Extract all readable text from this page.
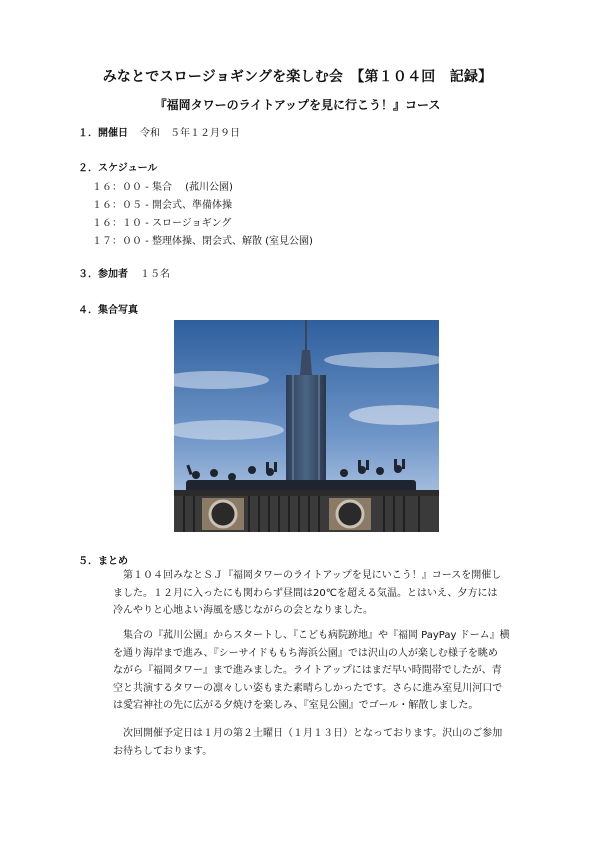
みなとでスロージョギングを楽しむ会　【第１０４回　記録】
『福岡タワーのライトアップを見に行こう！』コース
１．開催日 令和　５年１２月９日
２．スケジュール
１６：００ - 集合　 (菰川公園)
１６：０５ - 開会式、準備体操
１６：１０ - スロージョギング
１７：００ - 整理体操、閉会式、解散 (室見公園)
３．参加者 １５名
４．集合写真
５．まとめ
　第１０４回みなとＳＪ『福岡タワーのライトアップを見にいこう！』コースを開催し
ました。１２月に入ったにも関わらず昼間は20℃を超える気温。とはいえ、夕方には
冷んやりと心地よい海風を感じながらの会となりました。
　集合の『菰川公園』からスタートし、『こども病院跡地』や『福岡 PayPay ドーム』横
を通り海岸まで進み、『シーサイドももち海浜公園』では沢山の人が楽しむ様子を眺め
ながら『福岡タワー』まで進みました。ライトアップにはまだ早い時間帯でしたが、青
空と共演するタワーの凛々しい姿もまた素晴らしかったです。さらに進み室見川河口で
は愛宕神社の先に広がる夕焼けを楽しみ、『室見公園』でゴール・解散しました。
　次回開催予定日は１月の第２土曜日（１月１３日）となっております。沢山のご参加
お待ちしております。
